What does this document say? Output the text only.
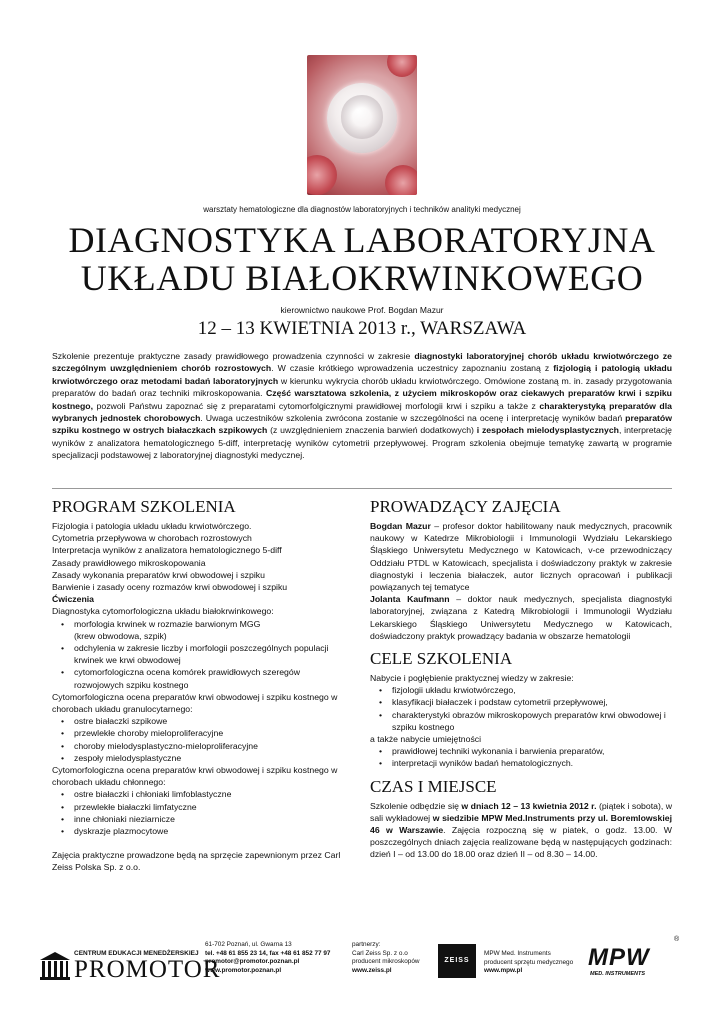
warsztaty hematologiczne dla diagnostów laboratoryjnych i techników analityki medycznej
DIAGNOSTYKA LABORATORYJNA
UKŁADU BIAŁOKRWINKOWEGO
kierownictwo naukowe Prof. Bogdan Mazur
12 – 13 KWIETNIA 2013 r., WARSZAWA
Szkolenie prezentuje praktyczne zasady prawidłowego prowadzenia czynności w zakresie diagnostyki laboratoryjnej chorób układu krwiotwórczego ze szczególnym uwzględnieniem chorób rozrostowych. W czasie krótkiego wprowadzenia uczestnicy zapoznaniu zostaną z fizjologią i patologią układu krwiotwórczego oraz metodami badań laboratoryjnych w kierunku wykrycia chorób układu krwiotwórczego. Omówione zostaną m. in. zasady przygotowania preparatów do badań oraz techniki mikroskopowania. Część warsztatowa szkolenia, z użyciem mikroskopów oraz ciekawych preparatów krwi i szpiku kostnego, pozwoli Państwu zapoznać się z preparatami cytomorfolgicznymi prawidłowej morfologii krwi i szpiku a także z charakterystyką preparatów dla wybranych jednostek chorobowych. Uwaga uczestników szkolenia zwrócona zostanie w szczególności na ocenę i interpretację wyników badań preparatów szpiku kostnego w ostrych białaczkach szpikowych (z uwzględnieniem znaczenia barwień dodatkowych) i zespołach mielodysplastycznych, interpretację wyników z analizatora hematologicznego 5-diff, interpretację wyników cytometrii przepływowej. Program szkolenia obejmuje tematykę zawartą w programie specjalizacji podstawowej z laboratoryjnej diagnostyki medycznej.
PROGRAM SZKOLENIA
Fizjologia i patologia układu układu krwiotwórczego.
Cytometria przepływowa w chorobach rozrostowych
Interpretacja wyników z analizatora hematologicznego 5-diff
Zasady prawidłowego mikroskopowania
Zasady wykonania preparatów krwi obwodowej i szpiku
Barwienie i zasady oceny rozmazów krwi obwodowej i szpiku
Ćwiczenia
Diagnostyka cytomorfologiczna układu białokrwinkowego:
• morfologia krwinek w rozmazie barwionym MGG
(krew obwodowa, szpik)
• odchylenia w zakresie liczby i morfologii poszczególnych populacji krwinek we krwi obwodowej
• cytomorfologiczna ocena komórek prawidłowych szeregów rozwojowych szpiku kostnego
Cytomorfologiczna ocena preparatów krwi obwodowej i szpiku kostnego w chorobach układu granulocytarnego:
• ostre białaczki szpikowe
• przewlekłe choroby mieloproliferacyjne
• choroby mielodysplastyczno-mieloproliferacyjne
• zespoły mielodysplastyczne
Cytomorfologiczna ocena preparatów krwi obwodowej i szpiku kostnego w chorobach układu chłonnego:
• ostre białaczki i chłoniaki limfoblastyczne
• przewlekłe białaczki limfatyczne
• inne chłoniaki nieziarnicze
• dyskrazje plazmocytowe
Zajęcia praktyczne prowadzone będą na sprzęcie zapewnionym przez Carl Zeiss Polska Sp. z o.o.
PROWADZĄCY ZAJĘCIA

Bogdan Mazur – profesor doktor habilitowany nauk medycznych, pracownik naukowy w Katedrze Mikrobiologii i Immunologii Wydziału Lekarskiego Śląskiego Uniwersytetu Medycznego w Katowicach, v-ce przewodniczący Oddziału PTDL w Katowicach, specjalista i doświadczony praktyk w zakresie diagnostyki i leczenia białaczek, autor licznych opracowań i publikacji powiązanych tej tematyce

Jolanta Kaufmann – doktor nauk medycznych, specjalista diagnostyki laboratoryjnej, związana z Katedrą Mikrobiologii i Immunologii Wydziału Lekarskiego Śląskiego Uniwersytetu Medycznego w Katowicach, doświadczony praktyk prowadzący badania w obszarze hematologii

CELE SZKOLENIA
Nabycie i pogłębienie praktycznej wiedzy w zakresie:
• fizjologii układu krwiotwórczego,
• klasyfikacji białaczek i podstaw cytometrii przepływowej,
• charakterystyki obrazów mikroskopowych preparatów krwi obwodowej i szpiku kostnego
a także nabycie umiejętności
• prawidłowej techniki wykonania i barwienia preparatów,
• interpretacji wyników badań hematologicznych.
CZAS I MIEJSCE

Szkolenie odbędzie się w dniach 12 – 13 kwietnia 2012 r. (piątek i sobota), w sali wykładowej w siedzibie MPW Med.Instruments przy ul. Boremlowskiej 46 w Warszawie. Zajęcia rozpoczną się w piatek, o godz. 13.00. W poszczególnych dniach zajęcia realizowane będą w następujących godzinach: dzień I – od 13.00 do 18.00 oraz dzień II – od 8.30 – 14.00.

CENTRUM EDUKACJI MENEDŻERSKIEJ
PROMOTOR
61-702 Poznań, ul. Gwarna 13
tel. +48 61 855 23 14, fax +48 61 852 77 97
promotor@promotor.poznan.pl
www.promotor.poznan.pl
partnerzy:
Carl Zeiss Sp. z o.o
producent mikroskopów
www.zeiss.pl
ZEISS
MPW Med. Instruments
producent sprzętu medycznego
www.mpw.pl	MPW
MED. INSTRUMENTS
®
